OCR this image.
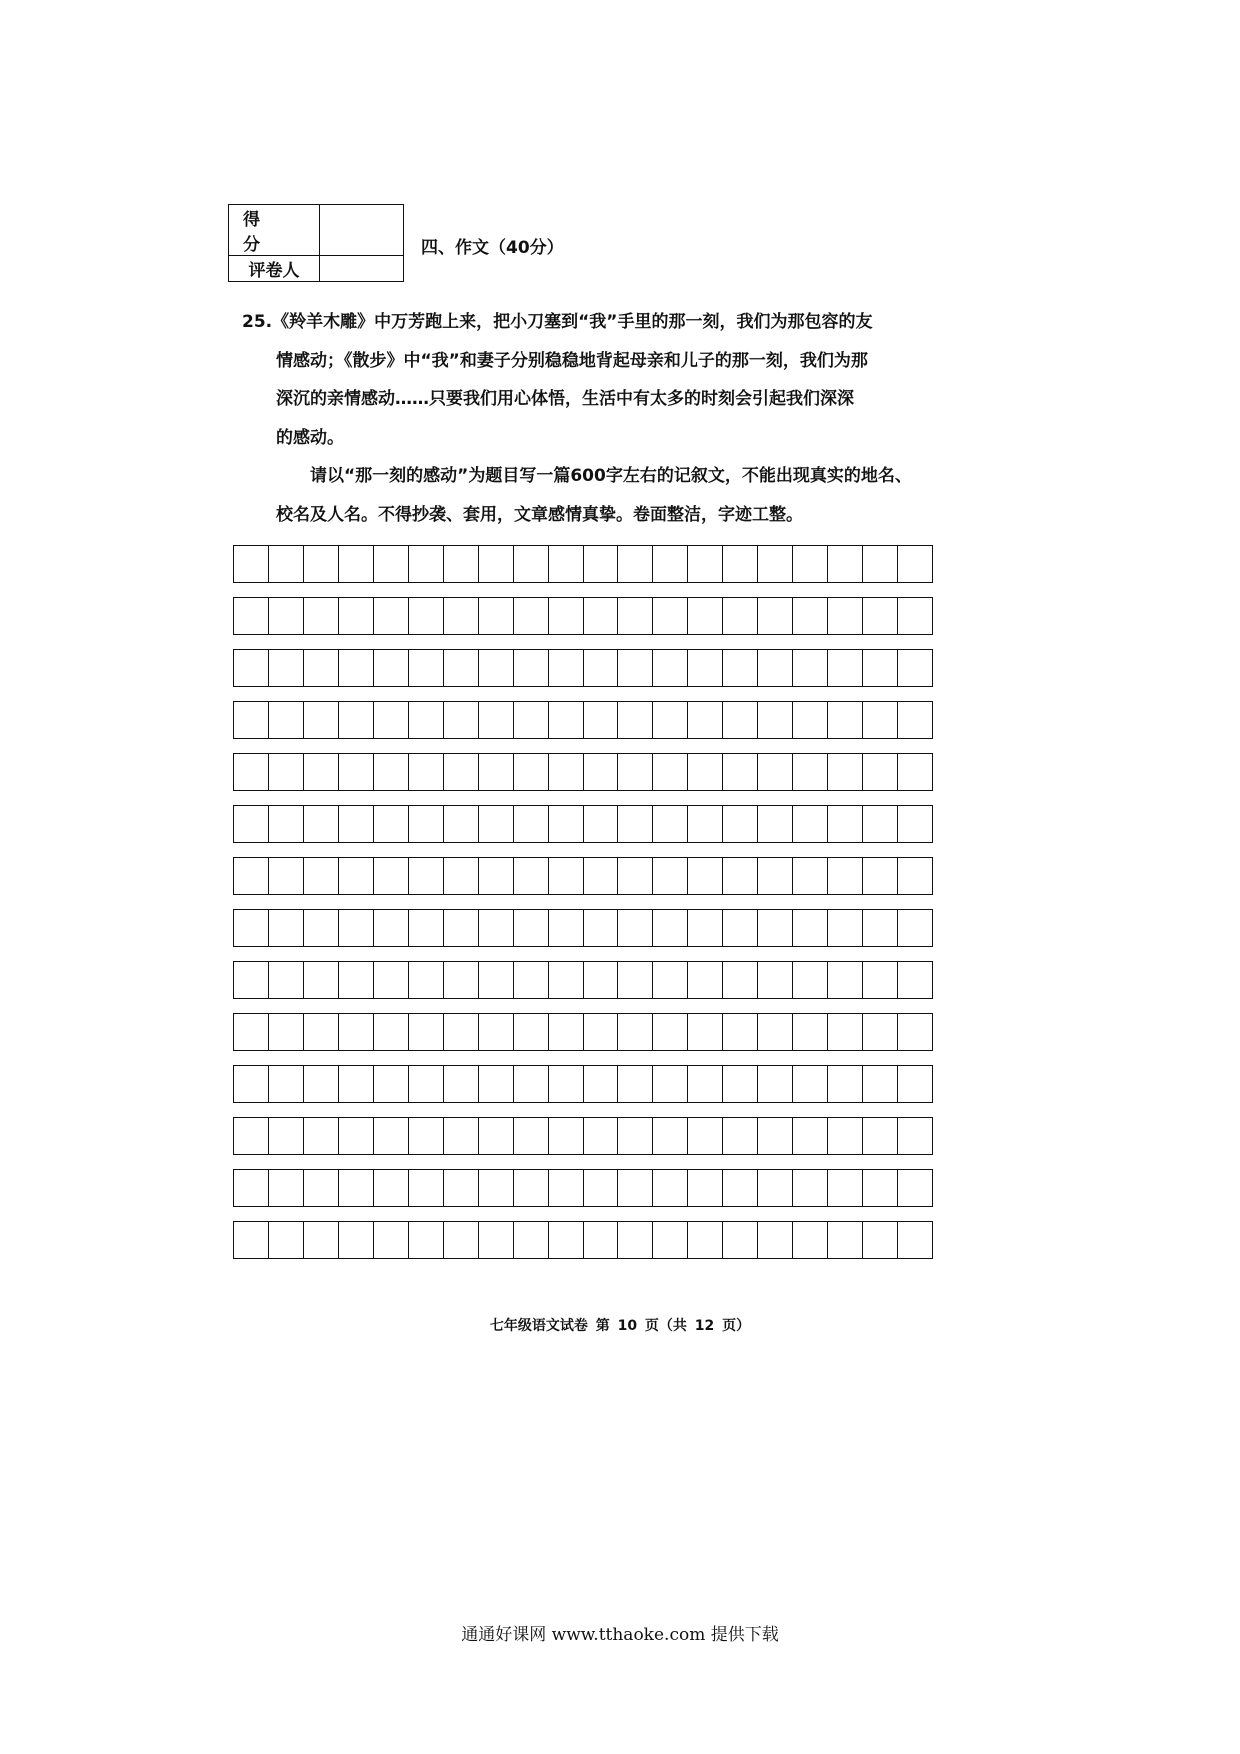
得 分
评卷人
四、作文（40分）

25.《羚羊木雕》中万芳跑上来，把小刀塞到“我”手里的那一刻，我们为那包容的友

情感动；《散步》中“我”和妻子分别稳稳地背起母亲和儿子的那一刻，我们为那

深沉的亲情感动……只要我们用心体悟，生活中有太多的时刻会引起我们深深

的感动。

请以“那一刻的感动”为题目写一篇600字左右的记叙文，不能出现真实的地名、

校名及人名。不得抄袭、套用，文章感情真挚。卷面整洁，字迹工整。

七年级语文试卷 第 10 页（共 12 页）
通通好课网 www.tthaoke.com 提供下载
